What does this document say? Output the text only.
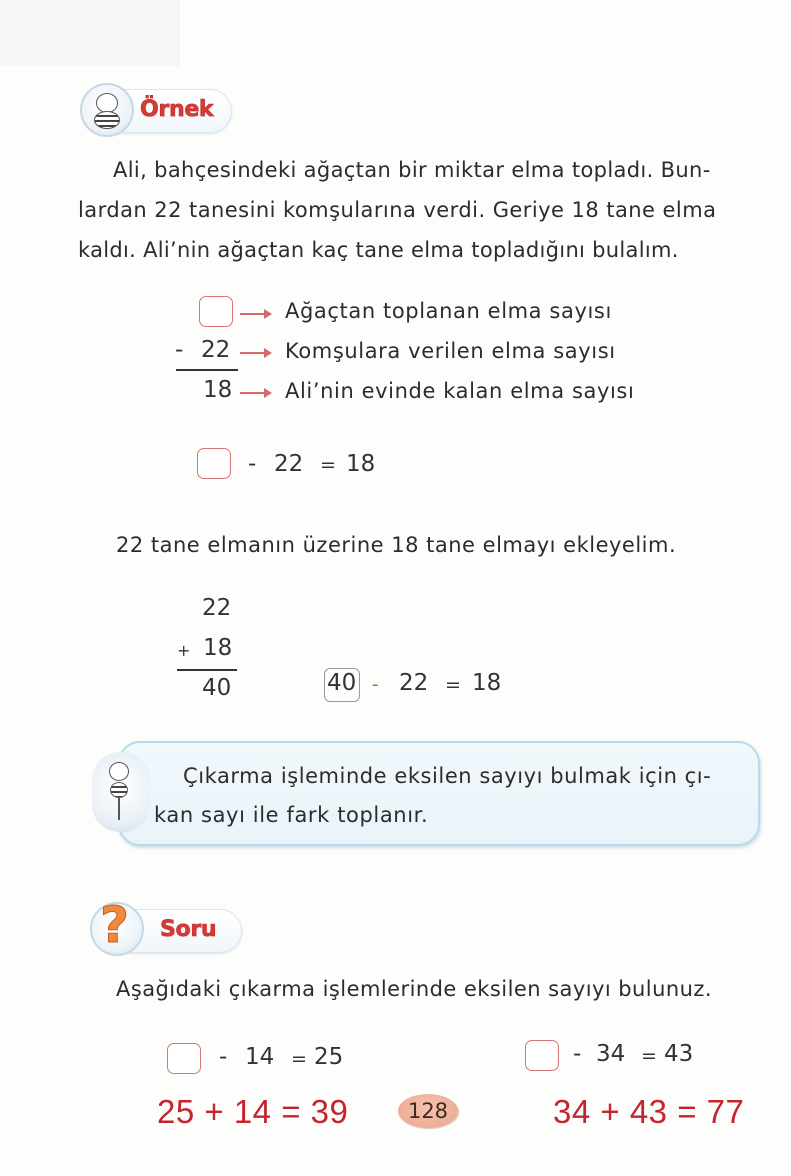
Örnek
Ali, bahçesindeki ağaçtan bir miktar elma topladı. Bun-
lardan 22 tanesini komşularına verdi. Geriye 18 tane elma
kaldı. Ali’nin ağaçtan kaç tane elma topladığını bulalım.
Ağaçtan toplanan elma sayısı
- 22	Komşulara verilen elma sayısı
18	Ali’nin evinde kalan elma sayısı
- 22 = 18
22 tane elmanın üzerine 18 tane elmayı ekleyelim.
22
+ 18
40	40 - 22 = 18
Çıkarma işleminde eksilen sayıyı bulmak için çı-
kan sayı ile fark toplanır.
? Soru
Aşağıdaki çıkarma işlemlerinde eksilen sayıyı bulunuz.
- 14 = 25
25 + 14 = 39	128
- 34 = 43
34 + 43 = 77
